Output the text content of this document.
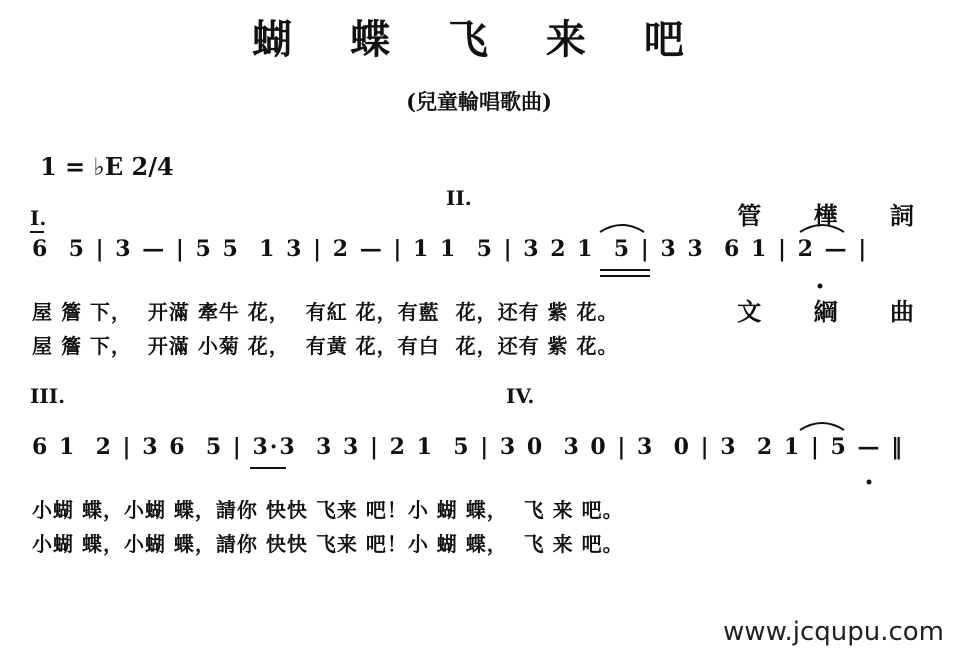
蝴 蝶 飞 来 吧
(兒童輪唱歌曲)
1 = ♭E 2/4

管 樺 詞

文 綱 曲

I.
II.
III.	IV.
6  5 | 3 — | 5 5  1 3 | 2 — | 1 1  5 | 3 2 1  5 | 3 3  6 1 | 2 — |
屋 簷 下，  开滿 牽牛 花，  有紅 花，有藍  花，还有 紫 花。
屋 簷 下，  开滿 小菊 花，  有黃 花，有白  花，还有 紫 花。
6 1  2 | 3 6  5 | 3·3  3 3 | 2 1  5 | 3 0  3 0 | 3  0 | 3  2 1 | 5 — ‖
小蝴 蝶，小蝴 蝶，請你 快快 飞来 吧！小 蝴 蝶，  飞 来 吧。
小蝴 蝶，小蝴 蝶，請你 快快 飞来 吧！小 蝴 蝶，  飞 来 吧。
www.jcqupu.com
